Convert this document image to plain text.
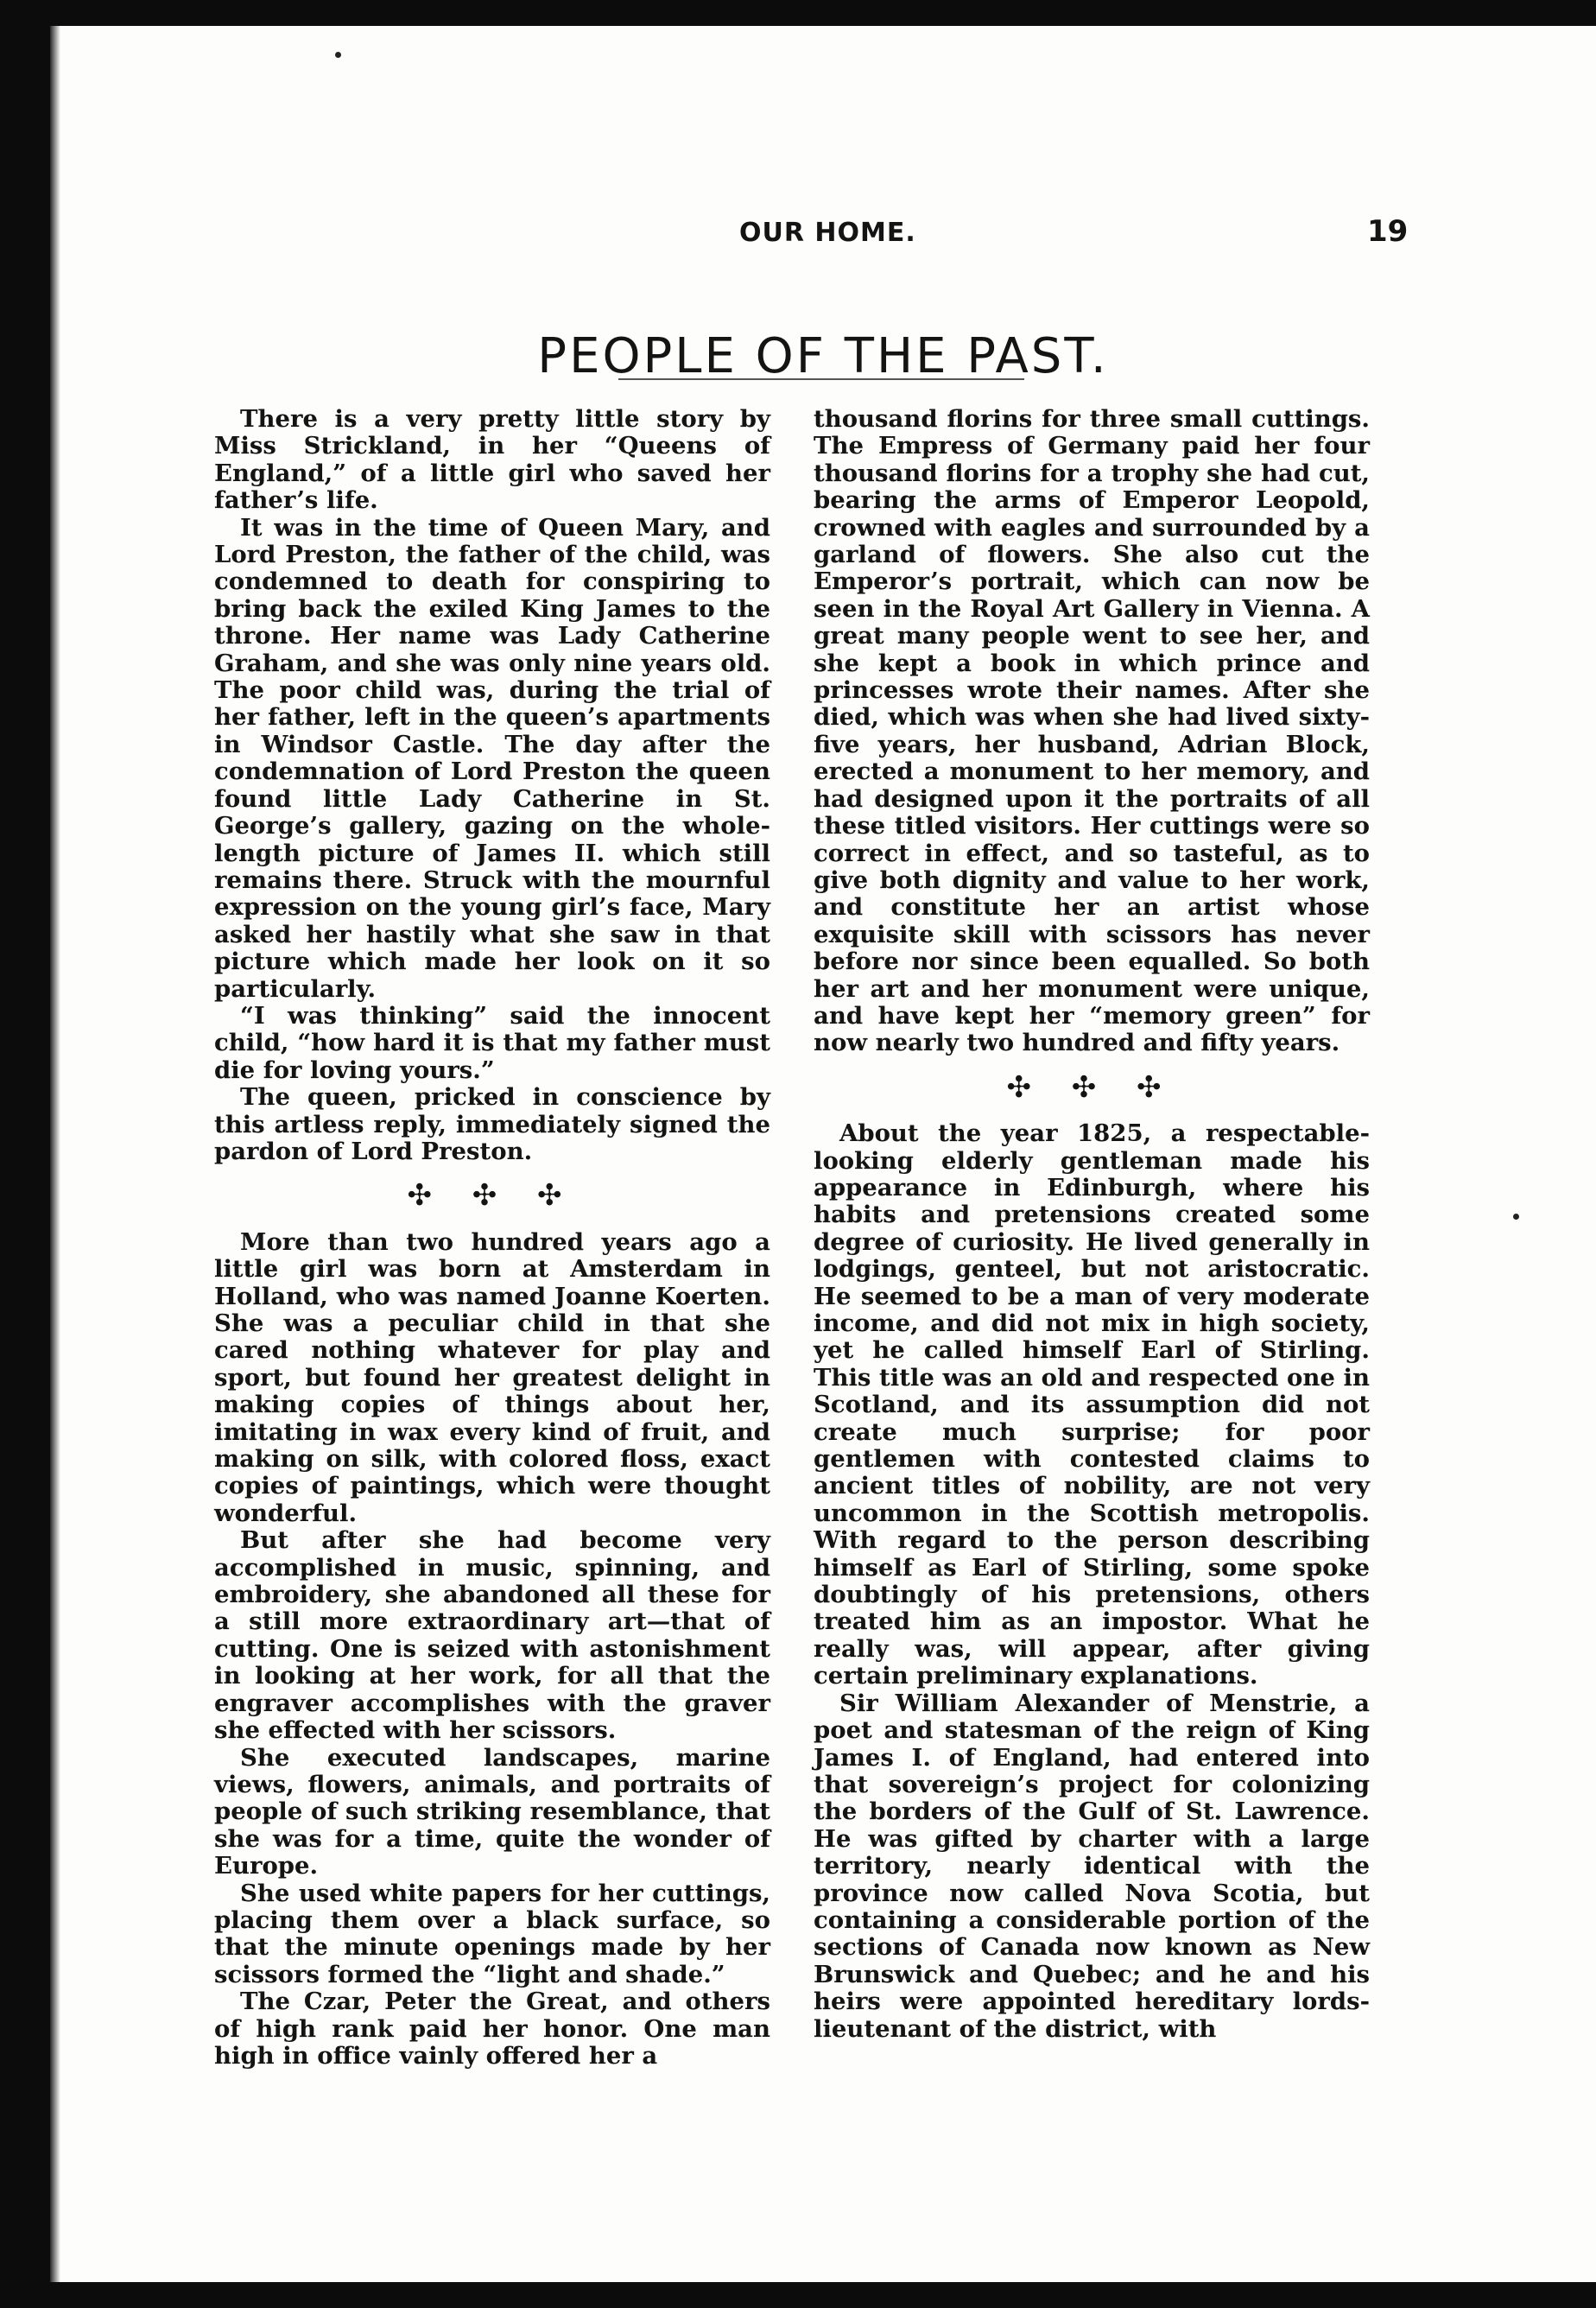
OUR HOME.	19
PEOPLE OF THE PAST.

There is a very pretty little story by Miss Strickland, in her “Queens of England,” of a little girl who saved her father’s life.

It was in the time of Queen Mary, and Lord Preston, the father of the child, was condemned to death for conspiring to bring back the exiled King James to the throne. Her name was Lady Catherine Graham, and she was only nine years old. The poor child was, during the trial of her father, left in the queen’s apartments in Windsor Castle. The day after the condemnation of Lord Preston the queen found little Lady Catherine in St. George’s gallery, gazing on the whole-length picture of James II. which still remains there. Struck with the mournful expression on the young girl’s face, Mary asked her hastily what she saw in that picture which made her look on it so particularly.

“I was thinking” said the innocent child, “how hard it is that my father must die for loving yours.”

The queen, pricked in conscience by this artless reply, immediately signed the pardon of Lord Preston.

✣ ✣ ✣

More than two hundred years ago a little girl was born at Amsterdam in Holland, who was named Joanne Koerten. She was a peculiar child in that she cared nothing whatever for play and sport, but found her greatest delight in making copies of things about her, imitating in wax every kind of fruit, and making on silk, with colored floss, exact copies of paintings, which were thought wonderful.

But after she had become very accomplished in music, spinning, and embroidery, she abandoned all these for a still more extraordinary art—that of cutting. One is seized with astonishment in looking at her work, for all that the engraver accomplishes with the graver she effected with her scissors.

She executed landscapes, marine views, flowers, animals, and portraits of people of such striking resemblance, that she was for a time, quite the wonder of Europe.

She used white papers for her cuttings, placing them over a black surface, so that the minute openings made by her scissors formed the “light and shade.”

The Czar, Peter the Great, and others of high rank paid her honor. One man high in office vainly offered her a

thousand florins for three small cuttings. The Empress of Germany paid her four thousand florins for a trophy she had cut, bearing the arms of Emperor Leopold, crowned with eagles and surrounded by a garland of flowers. She also cut the Emperor’s portrait, which can now be seen in the Royal Art Gallery in Vienna. A great many people went to see her, and she kept a book in which prince and princesses wrote their names. After she died, which was when she had lived sixty-five years, her husband, Adrian Block, erected a monument to her memory, and had designed upon it the portraits of all these titled visitors. Her cuttings were so correct in effect, and so tasteful, as to give both dignity and value to her work, and constitute her an artist whose exquisite skill with scissors has never before nor since been equalled. So both her art and her monument were unique, and have kept her “memory green” for now nearly two hundred and fifty years.

✣ ✣ ✣

About the year 1825, a respectable-looking elderly gentleman made his appearance in Edinburgh, where his habits and pretensions created some degree of curiosity. He lived generally in lodgings, genteel, but not aristocratic. He seemed to be a man of very moderate income, and did not mix in high society, yet he called himself Earl of Stirling. This title was an old and respected one in Scotland, and its assumption did not create much surprise; for poor gentlemen with contested claims to ancient titles of nobility, are not very uncommon in the Scottish metropolis. With regard to the person describing himself as Earl of Stirling, some spoke doubtingly of his pretensions, others treated him as an impostor. What he really was, will appear, after giving certain preliminary explanations.

Sir William Alexander of Menstrie, a poet and statesman of the reign of King James I. of England, had entered into that sovereign’s project for colonizing the borders of the Gulf of St. Lawrence. He was gifted by charter with a large territory, nearly identical with the province now called Nova Scotia, but containing a considerable portion of the sections of Canada now known as New Brunswick and Quebec; and he and his heirs were appointed hereditary lords-lieutenant of the district, with
